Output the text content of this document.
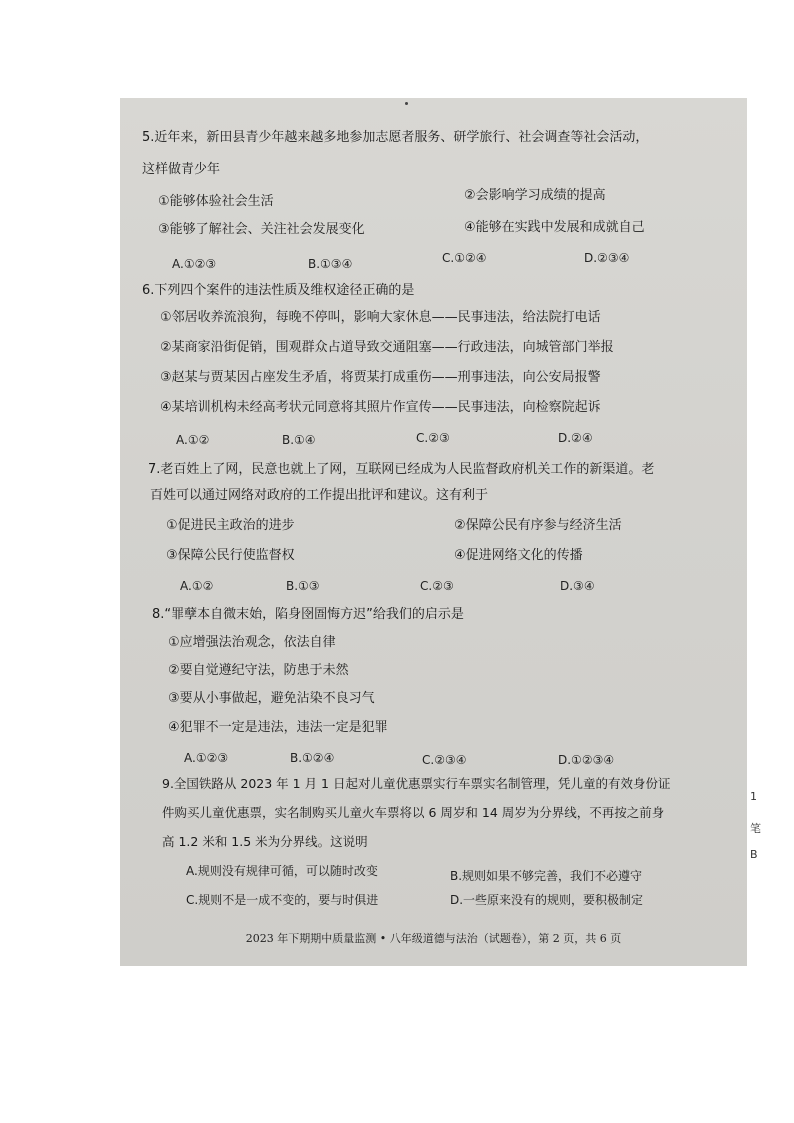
5.近年来，新田县青少年越来越多地参加志愿者服务、研学旅行、社会调查等社会活动，
这样做青少年
①能够体验社会生活	②会影响学习成绩的提高
③能够了解社会、关注社会发展变化	④能够在实践中发展和成就自己
A.①②③	B.①③④	C.①②④	D.②③④
6.下列四个案件的违法性质及维权途径正确的是
①邻居收养流浪狗，每晚不停叫，影响大家休息——民事违法，给法院打电话
②某商家沿街促销，围观群众占道导致交通阻塞——行政违法，向城管部门举报
③赵某与贾某因占座发生矛盾，将贾某打成重伤——刑事违法，向公安局报警
④某培训机构未经高考状元同意将其照片作宣传——民事违法，向检察院起诉
A.①②	B.①④	C.②③	D.②④
7.老百姓上了网，民意也就上了网，互联网已经成为人民监督政府机关工作的新渠道。老
百姓可以通过网络对政府的工作提出批评和建议。这有利于
①促进民主政治的进步	②保障公民有序参与经济生活
③保障公民行使监督权	④促进网络文化的传播
A.①②	B.①③	C.②③	D.③④
8.“罪孽本自微末始，陷身囹圄悔方迟”给我们的启示是
①应增强法治观念，依法自律
②要自觉遵纪守法，防患于未然
③要从小事做起，避免沾染不良习气
④犯罪不一定是违法，违法一定是犯罪
A.①②③	B.①②④	C.②③④	D.①②③④
9.全国铁路从 2023 年 1 月 1 日起对儿童优惠票实行车票实名制管理，凭儿童的有效身份证
件购买儿童优惠票，实名制购买儿童火车票将以 6 周岁和 14 周岁为分界线，不再按之前身
高 1.2 米和 1.5 米为分界线。这说明
A.规则没有规律可循，可以随时改变	B.规则如果不够完善，我们不必遵守
C.规则不是一成不变的，要与时俱进	D.一些原来没有的规则，要积极制定
2023 年下期期中质量监测 • 八年级道德与法治（试题卷），第 2 页，共 6 页
1
笔
B
